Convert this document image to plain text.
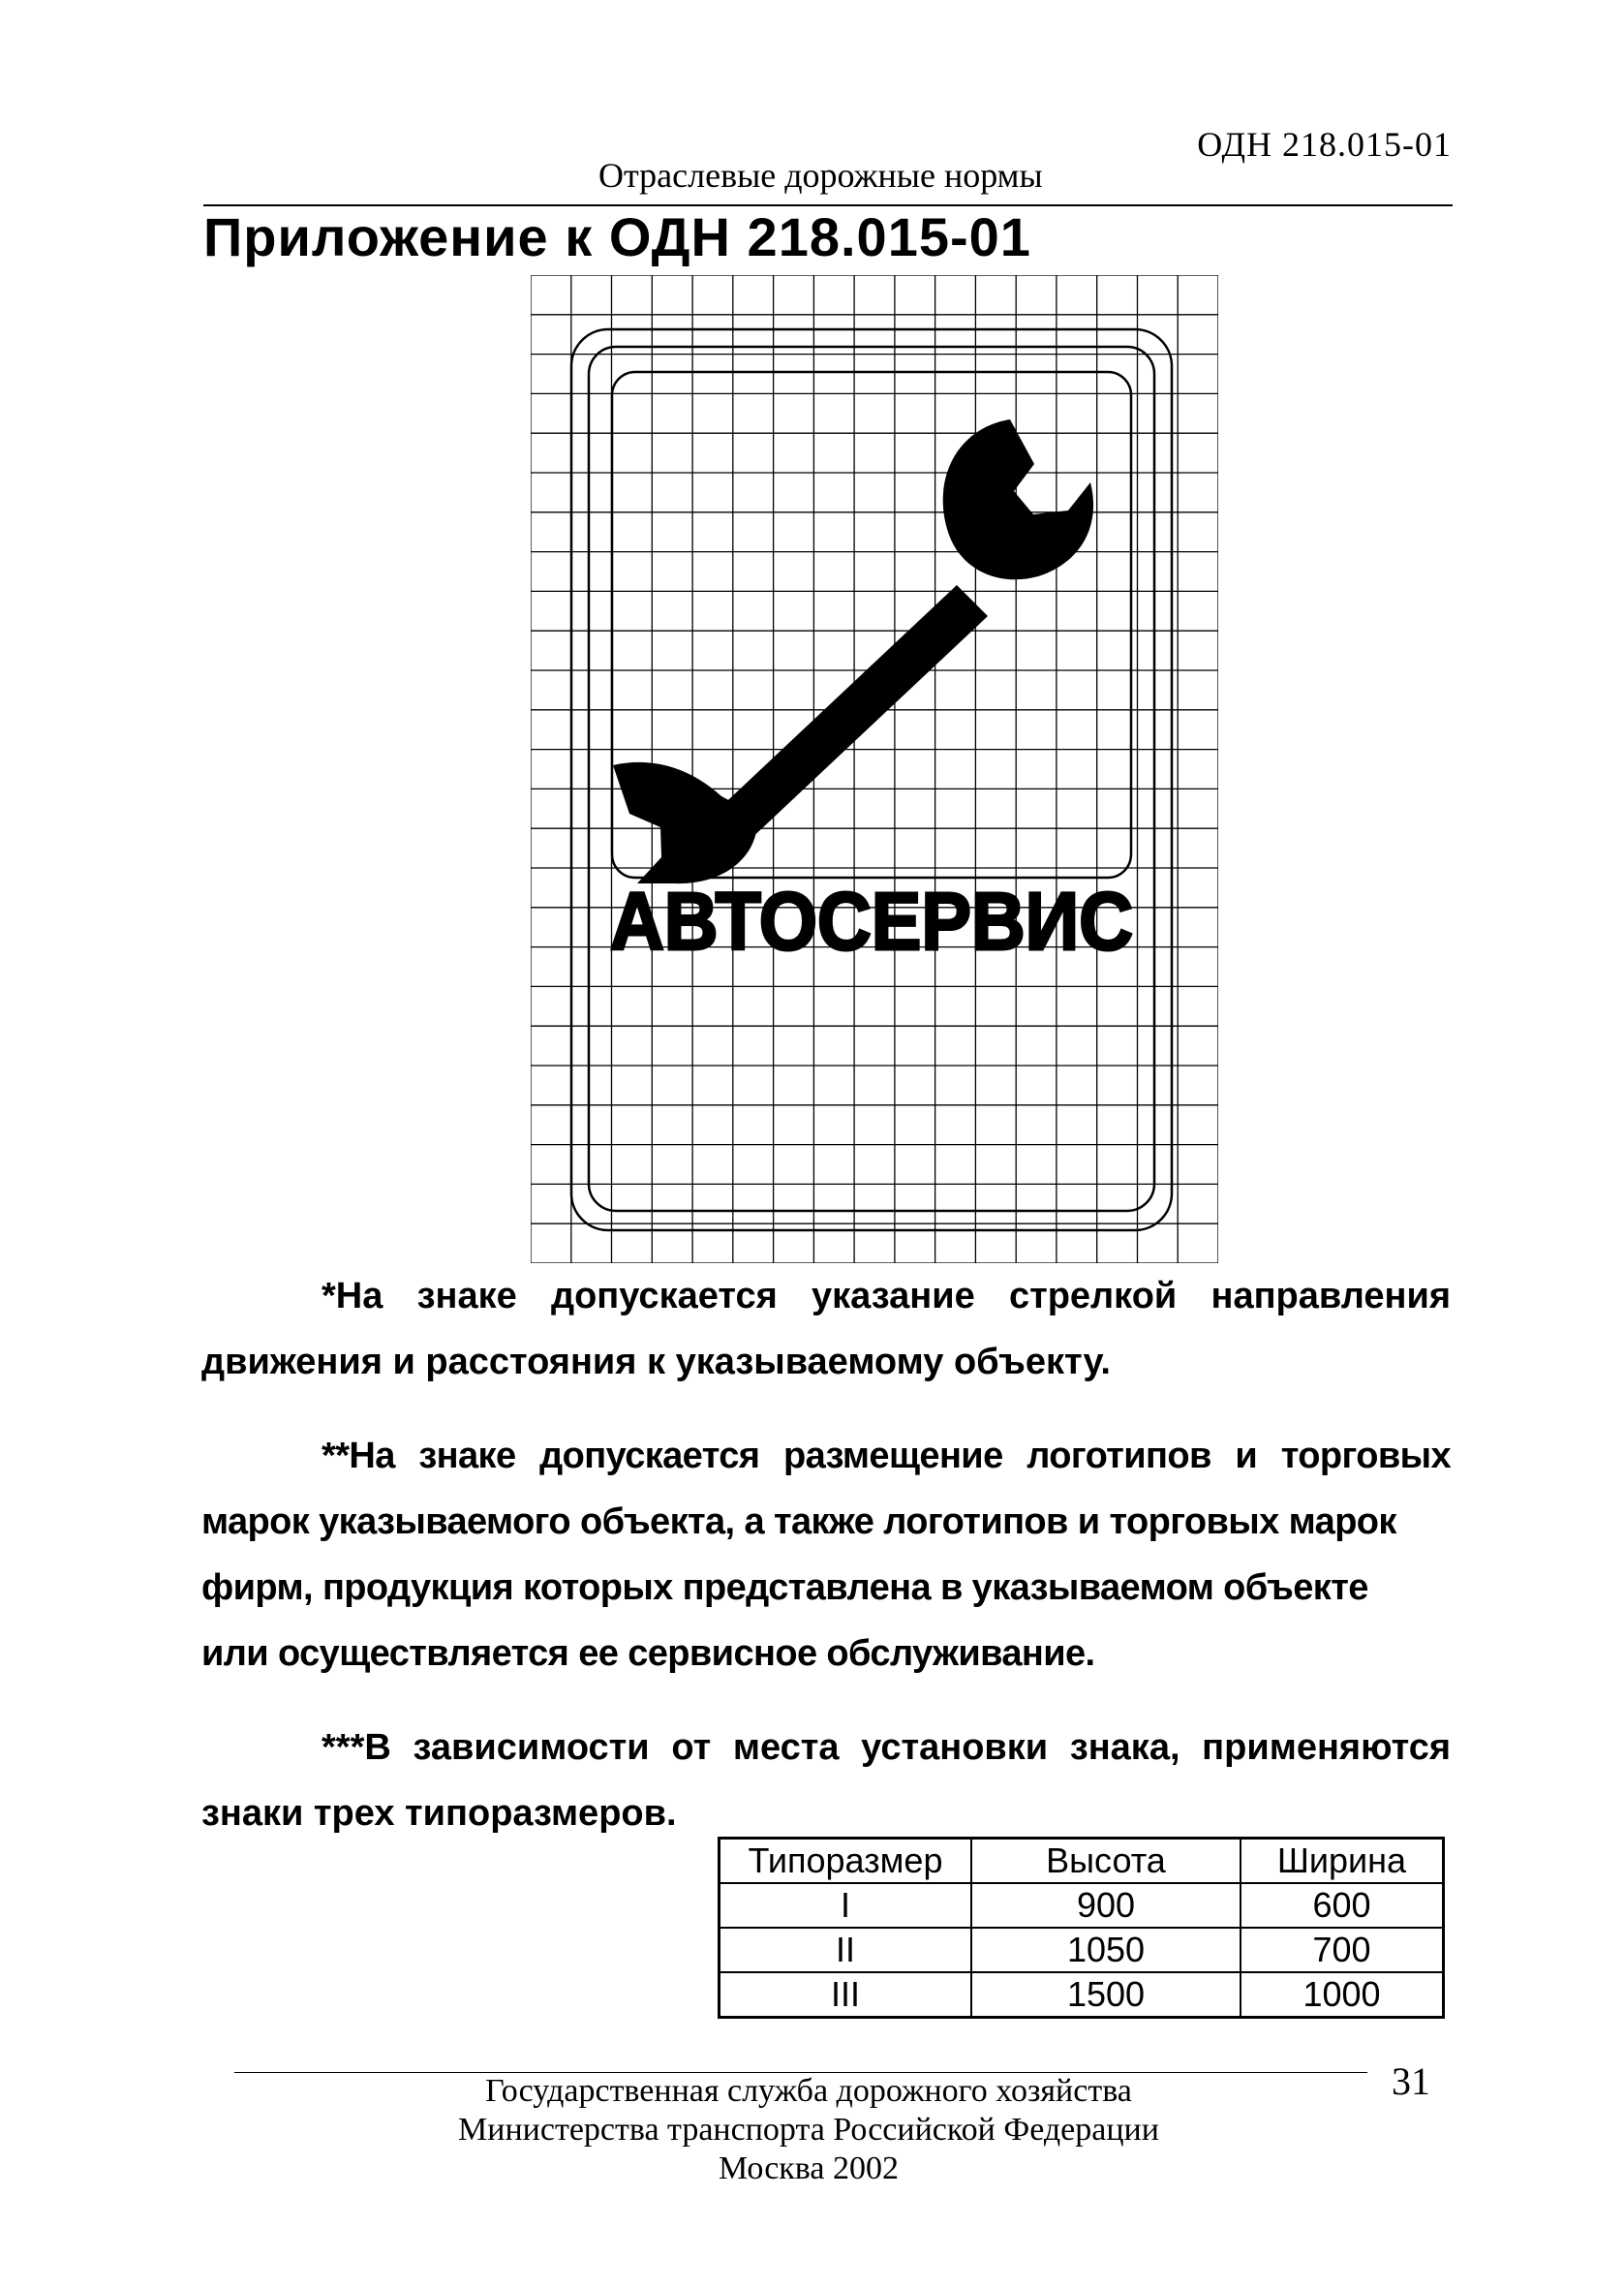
ОДН 218.015-01
Отраслевые дорожные нормы
Приложение к ОДН 218.015-01
АВТОСЕРВИС

*На знаке допускается указание стрелкой направления
движения и расстояния к указываемому объекту.

**На знаке допускается размещение логотипов и торговых
марок указываемого объекта, а также логотипов и торговых марок
фирм, продукция которых представлена в указываемом объекте
или осуществляется ее сервисное обслуживание.

***В зависимости от места установки знака, применяются
знаки трех типоразмеров.

Типоразмер	Высота	Ширина
I	900	600
II	1050	700
III	1500	1000
31
Государственная служба дорожного хозяйства
Министерства транспорта Российской Федерации
Москва 2002
